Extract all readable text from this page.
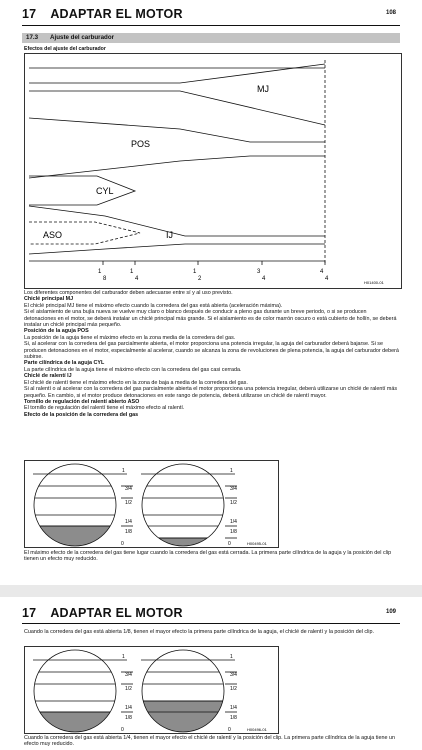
17 ADAPTAR EL MOTOR	108
17.3 Ajuste del carburador
Efectos del ajuste del carburador
MJ
POS
CYL
ASO	IJ
1
8
1
4
1
2
3
4
4
4
H01400-01

Los diferentes componentes del carburador deben adecuarse entre sí y al uso previsto.

Chiclé principal MJ

El chiclé principal MJ tiene el máximo efecto cuando la corredera del gas está abierta (aceleración máxima).

Si el aislamiento de una bujía nueva se vuelve muy claro o blanco después de conducir a pleno gas durante un breve periodo, o si se producen detonaciones en el motor, se deberá instalar un chiclé principal más grande. Si el aislamiento es de color marrón oscuro o está cubierto de hollín, se deberá instalar un chiclé principal más pequeño.

Posición de la aguja POS

La posición de la aguja tiene el máximo efecto en la zona media de la corredera del gas.

Si, al acelerar con la corredera del gas parcialmente abierta, el motor proporciona una potencia irregular, la aguja del carburador deberá bajarse. Si se producen detonaciones en el motor, especialmente al acelerar, cuando se alcanza la zona de revoluciones de plena potencia, la aguja del carburador deberá subirse.

Parte cilíndrica de la aguja CYL

La parte cilíndrica de la aguja tiene el máximo efecto con la corredera del gas casi cerrada.

Chiclé de ralentí IJ

El chiclé de ralentí tiene el máximo efecto en la zona de baja a media de la corredera del gas.

Si al ralentí o al acelerar con la corredera del gas parcialmente abierta el motor proporciona una potencia irregular, deberá utilizarse un chiclé de ralentí más pequeño. En cambio, si el motor produce detonaciones en este rango de potencia, deberá utilizarse un chiclé de ralentí mayor.

Tornillo de regulación del ralentí abierto ASO

El tornillo de regulación del ralentí tiene el máximo efecto al ralentí.

Efecto de la posición de la corredera del gas

1
3/4
1/2
1/4
1/8
0
1
3/4
1/2
1/4
1/8
0	H00495-01
El máximo efecto de la corredera del gas tiene lugar cuando la corredera del gas está cerrada. La primera parte cilíndrica de la aguja y la posición del clip tienen un efecto muy reducido.
17 ADAPTAR EL MOTOR	109
Cuando la corredera del gas está abierta 1/8, tienen el mayor efecto la primera parte cilíndrica de la aguja, el chiclé de ralentí y la posición del clip.
1
3/4
1/2
1/4
1/8
0
1
3/4
1/2
1/4
1/8
0	H00496-01
Cuando la corredera del gas está abierta 1/4, tienen el mayor efecto el chiclé de ralentí y la posición del clip. La primera parte cilíndrica de la aguja tiene un efecto muy reducido.
